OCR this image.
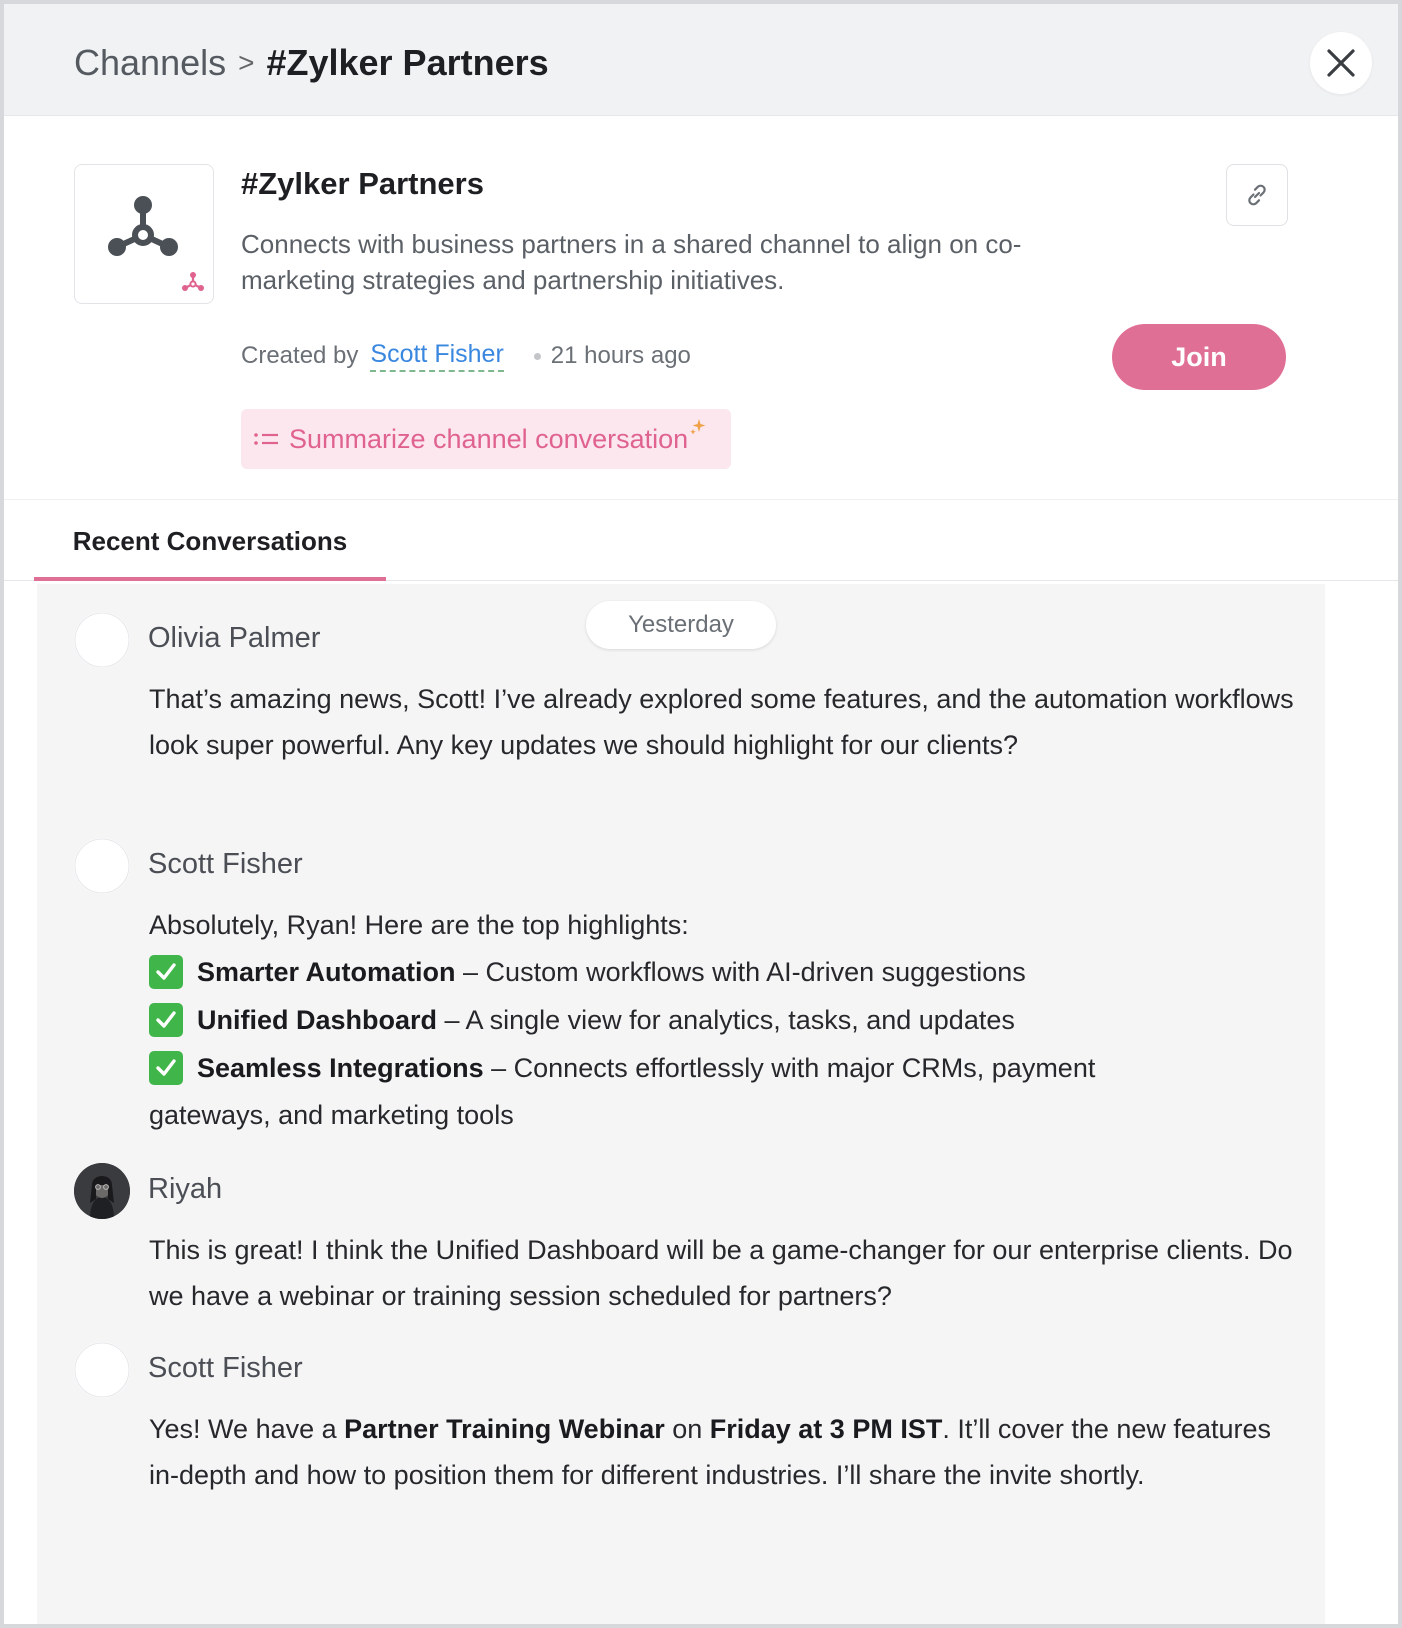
Channels > #Zylker Partners
#Zylker Partners
Connects with business partners in a shared channel to align on co-marketing strategies and partnership initiatives.
Created by Scott Fisher 21 hours ago	Join
Summarize channel conversation
Recent Conversations
Yesterday
Olivia Palmer
That’s amazing news, Scott! I’ve already explored some features, and the automation workflows look super powerful. Any key updates we should highlight for our clients?
Scott Fisher
Absolutely, Ryan! Here are the top highlights:
Smarter Automation – Custom workflows with AI-driven suggestions
Unified Dashboard – A single view for analytics, tasks, and updates
Seamless Integrations – Connects effortlessly with major CRMs, payment
gateways, and marketing tools
Riyah
This is great! I think the Unified Dashboard will be a game-changer for our enterprise clients. Do we have a webinar or training session scheduled for partners?
Scott Fisher
Yes! We have a Partner Training Webinar on Friday at 3 PM IST. It’ll cover the new features in-depth and how to position them for different industries. I’ll share the invite shortly.
